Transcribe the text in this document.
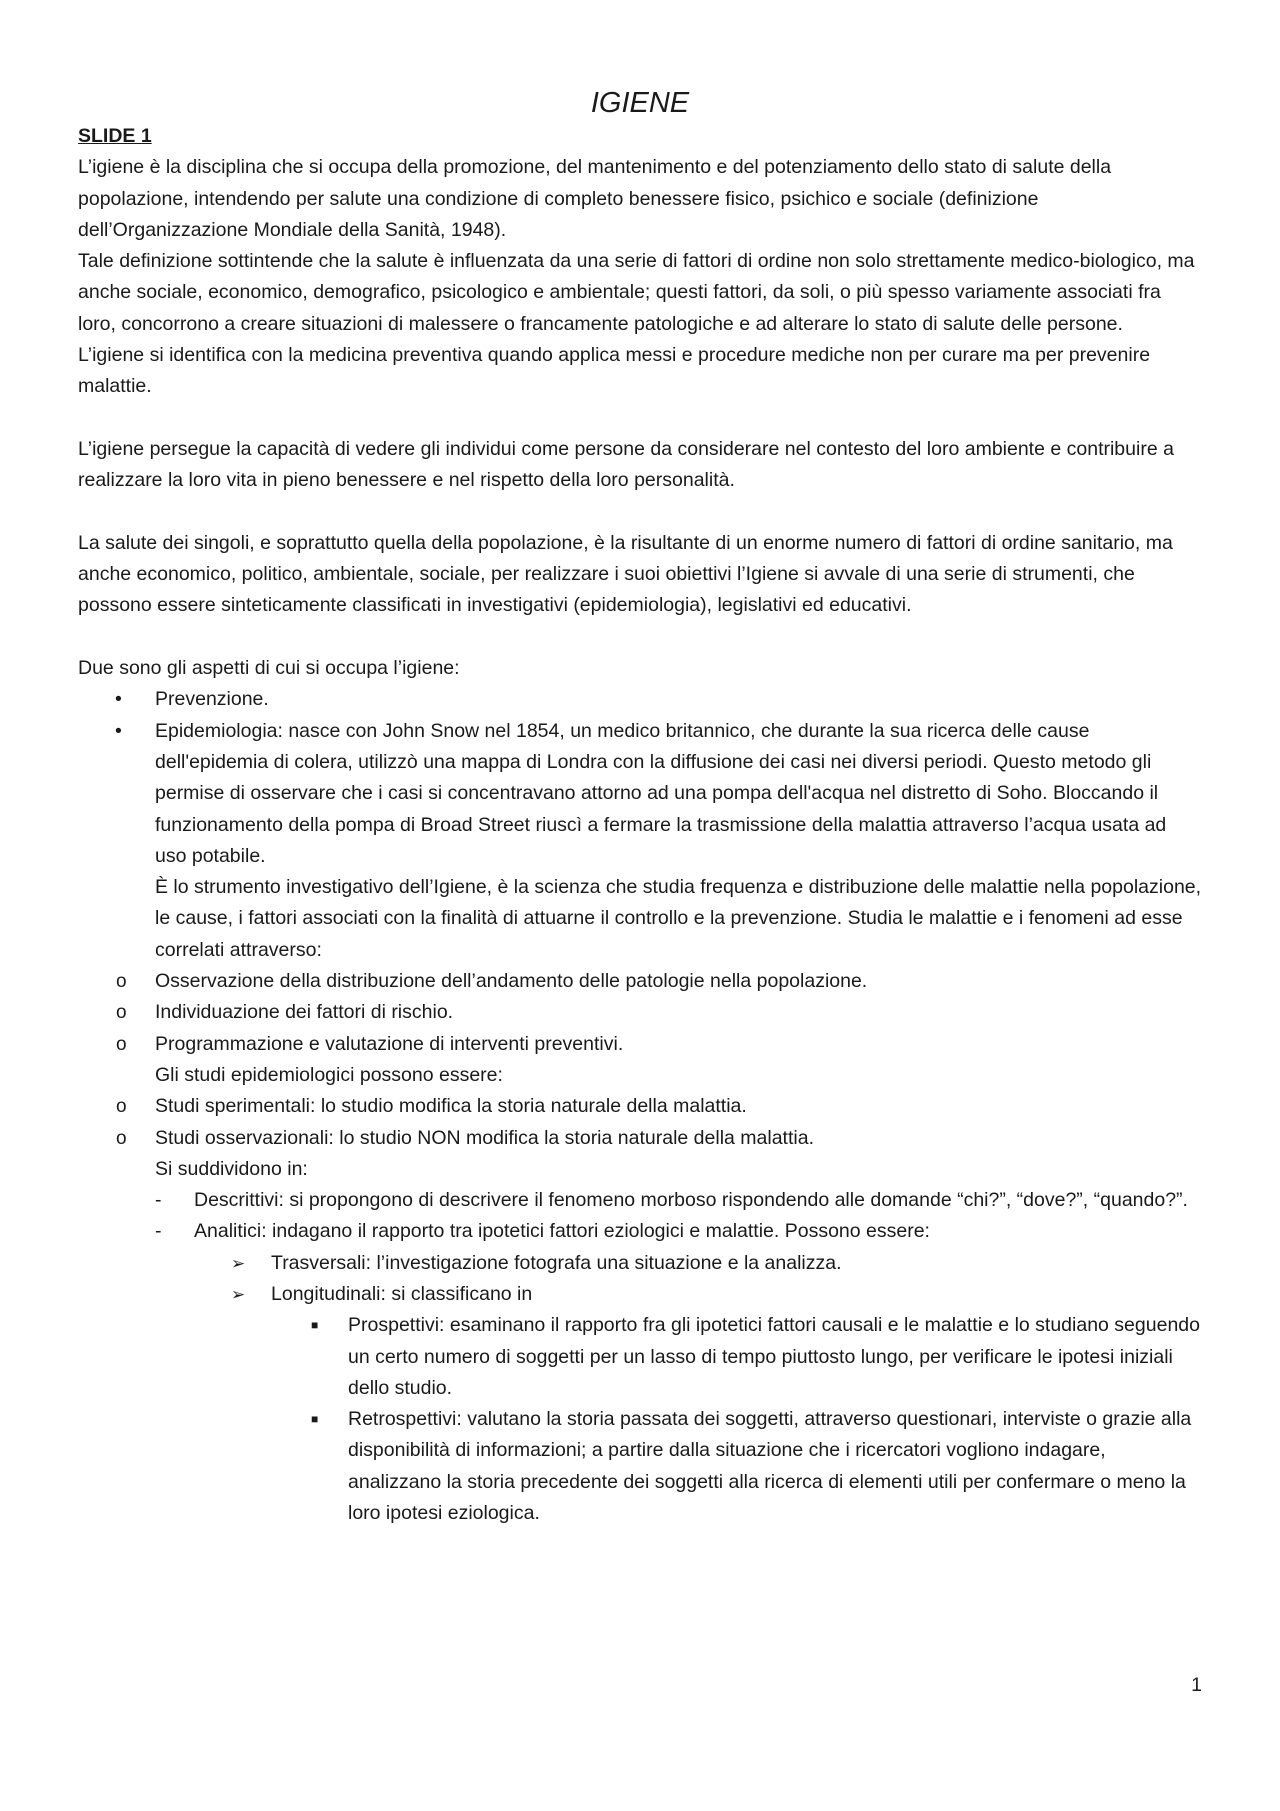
IGIENE

SLIDE 1

L’igiene è la disciplina che si occupa della promozione, del mantenimento e del potenziamento dello stato di salute della popolazione, intendendo per salute una condizione di completo benessere fisico, psichico e sociale (definizione dell’Organizzazione Mondiale della Sanità, 1948).

Tale definizione sottintende che la salute è influenzata da una serie di fattori di ordine non solo strettamente medico-biologico, ma anche sociale, economico, demografico, psicologico e ambientale; questi fattori, da soli, o più spesso variamente associati fra loro, concorrono a creare situazioni di malessere o francamente patologiche e ad alterare lo stato di salute delle persone.

L’igiene si identifica con la medicina preventiva quando applica messi e procedure mediche non per curare ma per prevenire malattie.

L’igiene persegue la capacità di vedere gli individui come persone da considerare nel contesto del loro ambiente e contribuire a realizzare la loro vita in pieno benessere e nel rispetto della loro personalità.

La salute dei singoli, e soprattutto quella della popolazione, è la risultante di un enorme numero di fattori di ordine sanitario, ma anche economico, politico, ambientale, sociale, per realizzare i suoi obiettivi l’Igiene si avvale di una serie di strumenti, che possono essere sinteticamente classificati in investigativi (epidemiologia), legislativi ed educativi.

Due sono gli aspetti di cui si occupa l’igiene:

• Prevenzione.
• Epidemiologia: nasce con John Snow nel 1854, un medico britannico, che durante la sua ricerca delle cause dell'epidemia di colera, utilizzò una mappa di Londra con la diffusione dei casi nei diversi periodi. Questo metodo gli permise di osservare che i casi si concentravano attorno ad una pompa dell'acqua nel distretto di Soho. Bloccando il funzionamento della pompa di Broad Street riuscì a fermare la trasmissione della malattia attraverso l’acqua usata ad uso potabile.
È lo strumento investigativo dell’Igiene, è la scienza che studia frequenza e distribuzione delle malattie nella popolazione, le cause, i fattori associati con la finalità di attuarne il controllo e la prevenzione. Studia le malattie e i fenomeni ad esse correlati attraverso:
o Osservazione della distribuzione dell’andamento delle patologie nella popolazione.
o Individuazione dei fattori di rischio.
o Programmazione e valutazione di interventi preventivi.
Gli studi epidemiologici possono essere:
o Studi sperimentali: lo studio modifica la storia naturale della malattia.
o Studi osservazionali: lo studio NON modifica la storia naturale della malattia.
Si suddividono in:
- Descrittivi: si propongono di descrivere il fenomeno morboso rispondendo alle domande “chi?”, “dove?”, “quando?”.
- Analitici: indagano il rapporto tra ipotetici fattori eziologici e malattie. Possono essere:
➢ Trasversali: l’investigazione fotografa una situazione e la analizza.
➢ Longitudinali: si classificano in
■ Prospettivi: esaminano il rapporto fra gli ipotetici fattori causali e le malattie e lo studiano seguendo un certo numero di soggetti per un lasso di tempo piuttosto lungo, per verificare le ipotesi iniziali dello studio.
■ Retrospettivi: valutano la storia passata dei soggetti, attraverso questionari, interviste o grazie alla disponibilità di informazioni; a partire dalla situazione che i ricercatori vogliono indagare, analizzano la storia precedente dei soggetti alla ricerca di elementi utili per confermare o meno la loro ipotesi eziologica.
1
